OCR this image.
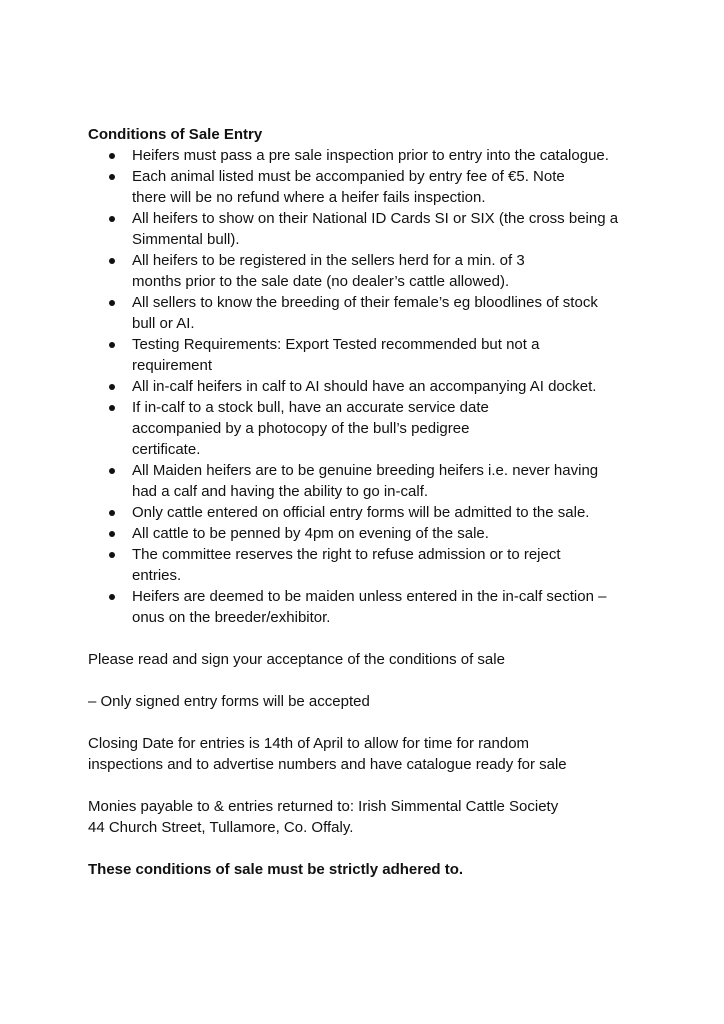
Conditions of Sale Entry

Heifers must pass a pre sale inspection prior to entry into the catalogue.
Each animal listed must be accompanied by entry fee of €5. Note
there will be no refund where a heifer fails inspection.
All heifers to show on their National ID Cards SI or SIX (the cross being a
Simmental bull).
All heifers to be registered in the sellers herd for a min. of 3
months prior to the sale date (no dealer’s cattle allowed).
All sellers to know the breeding of their female’s eg bloodlines of stock
bull or AI.
Testing Requirements: Export Tested recommended but not a
requirement
All in-calf heifers in calf to AI should have an accompanying AI docket.
If in-calf to a stock bull, have an accurate service date
accompanied by a photocopy of the bull’s pedigree
certificate.
All Maiden heifers are to be genuine breeding heifers i.e. never having
had a calf and having the ability to go in-calf.
Only cattle entered on official entry forms will be admitted to the sale.
All cattle to be penned by 4pm on evening of the sale.
The committee reserves the right to refuse admission or to reject
entries.
Heifers are deemed to be maiden unless entered in the in-calf section –
onus on the breeder/exhibitor.

Please read and sign your acceptance of the conditions of sale

– Only signed entry forms will be accepted

Closing Date for entries is 14th of April to allow for time for random
inspections and to advertise numbers and have catalogue ready for sale

Monies payable to & entries returned to: Irish Simmental Cattle Society
44 Church Street, Tullamore, Co. Offaly.

These conditions of sale must be strictly adhered to.
